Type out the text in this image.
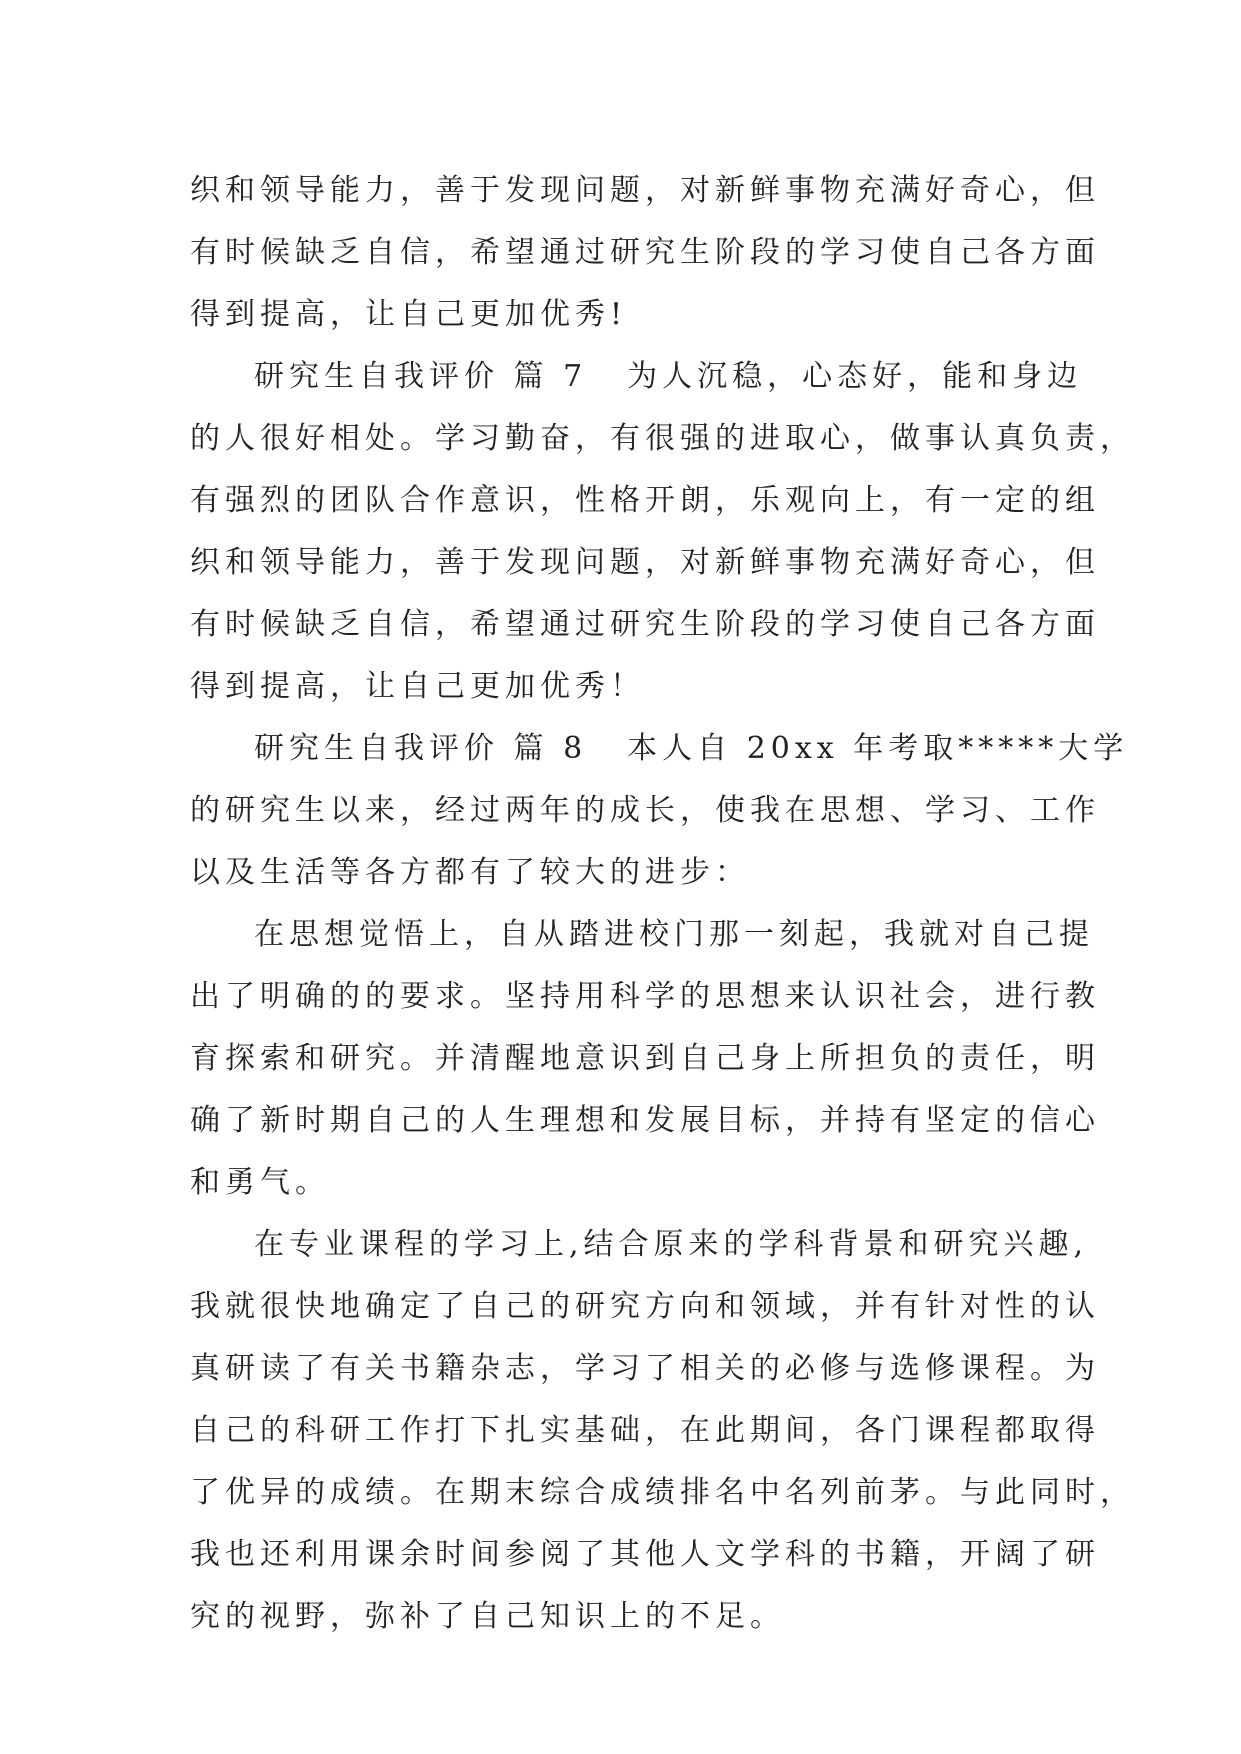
织和领导能力，善于发现问题，对新鲜事物充满好奇心，但
有时候缺乏自信，希望通过研究生阶段的学习使自己各方面
得到提高，让自己更加优秀!
研究生自我评价 篇 7 为人沉稳，心态好，能和身边
的人很好相处。学习勤奋，有很强的进取心，做事认真负责，
有强烈的团队合作意识，性格开朗，乐观向上，有一定的组
织和领导能力，善于发现问题，对新鲜事物充满好奇心，但
有时候缺乏自信，希望通过研究生阶段的学习使自己各方面
得到提高，让自己更加优秀！
研究生自我评价 篇 8 本人自 20xx 年考取*****大学
的研究生以来，经过两年的成长，使我在思想、学习、工作
以及生活等各方都有了较大的进步：
在思想觉悟上，自从踏进校门那一刻起，我就对自己提
出了明确的的要求。坚持用科学的思想来认识社会，进行教
育探索和研究。并清醒地意识到自己身上所担负的责任，明
确了新时期自己的人生理想和发展目标，并持有坚定的信心
和勇气。
在专业课程的学习上,结合原来的学科背景和研究兴趣,
我就很快地确定了自己的研究方向和领域，并有针对性的认
真研读了有关书籍杂志，学习了相关的必修与选修课程。为
自己的科研工作打下扎实基础，在此期间，各门课程都取得
了优异的成绩。在期末综合成绩排名中名列前茅。与此同时，
我也还利用课余时间参阅了其他人文学科的书籍，开阔了研
究的视野，弥补了自己知识上的不足。
